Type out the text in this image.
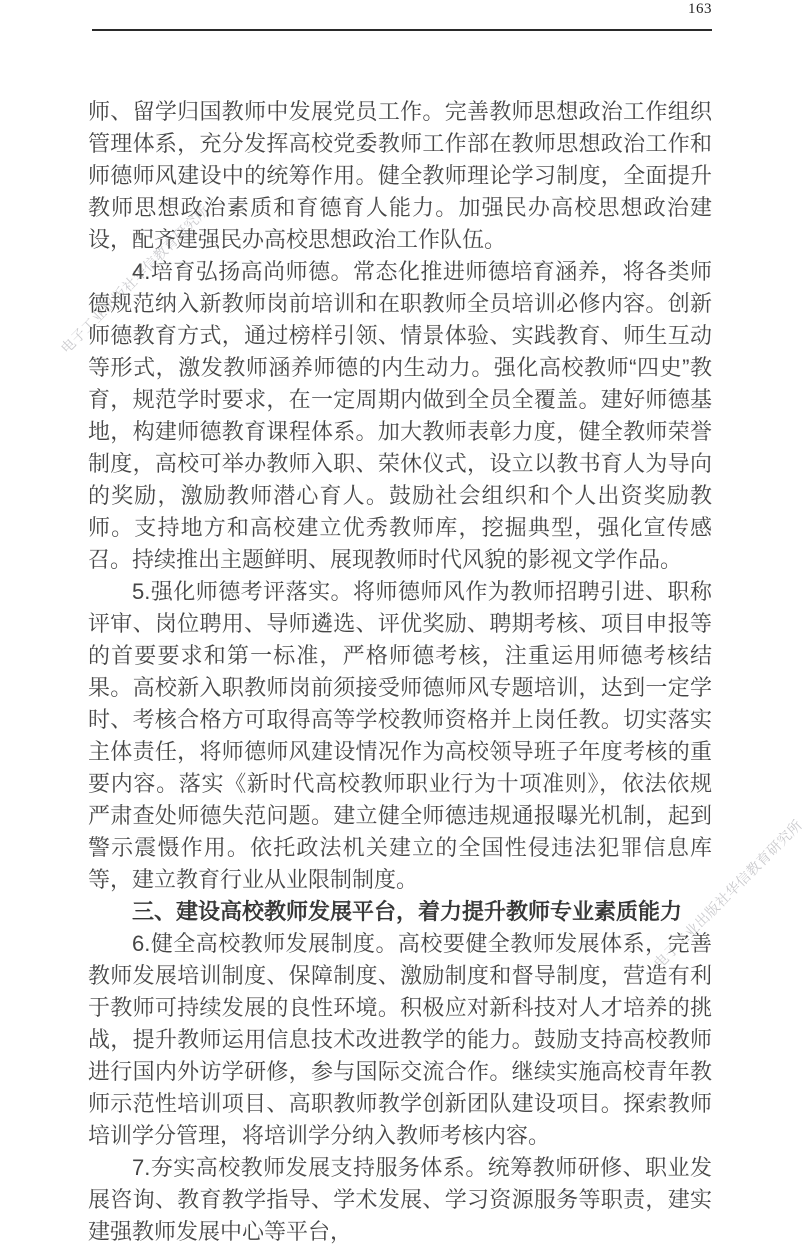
电子工业出版社华信教育研究所
电子工业出版社华信教育研究所
163

师、留学归国教师中发展党员工作。完善教师思想政治工作组织管理体系，充分发挥高校党委教师工作部在教师思想政治工作和师德师风建设中的统筹作用。健全教师理论学习制度，全面提升教师思想政治素质和育德育人能力。加强民办高校思想政治建设，配齐建强民办高校思想政治工作队伍。

4.培育弘扬高尚师德。常态化推进师德培育涵养，将各类师德规范纳入新教师岗前培训和在职教师全员培训必修内容。创新师德教育方式，通过榜样引领、情景体验、实践教育、师生互动等形式，激发教师涵养师德的内生动力。强化高校教师“四史”教育，规范学时要求，在一定周期内做到全员全覆盖。建好师德基地，构建师德教育课程体系。加大教师表彰力度，健全教师荣誉制度，高校可举办教师入职、荣休仪式，设立以教书育人为导向的奖励，激励教师潜心育人。鼓励社会组织和个人出资奖励教师。支持地方和高校建立优秀教师库，挖掘典型，强化宣传感召。持续推出主题鲜明、展现教师时代风貌的影视文学作品。

5.强化师德考评落实。将师德师风作为教师招聘引进、职称评审、岗位聘用、导师遴选、评优奖励、聘期考核、项目申报等的首要要求和第一标准，严格师德考核，注重运用师德考核结果。高校新入职教师岗前须接受师德师风专题培训，达到一定学时、考核合格方可取得高等学校教师资格并上岗任教。切实落实主体责任，将师德师风建设情况作为高校领导班子年度考核的重要内容。落实《新时代高校教师职业行为十项准则》，依法依规严肃查处师德失范问题。建立健全师德违规通报曝光机制，起到警示震慑作用。依托政法机关建立的全国性侵违法犯罪信息库等，建立教育行业从业限制制度。

三、建设高校教师发展平台，着力提升教师专业素质能力

6.健全高校教师发展制度。高校要健全教师发展体系，完善教师发展培训制度、保障制度、激励制度和督导制度，营造有利于教师可持续发展的良性环境。积极应对新科技对人才培养的挑战，提升教师运用信息技术改进教学的能力。鼓励支持高校教师进行国内外访学研修，参与国际交流合作。继续实施高校青年教师示范性培训项目、高职教师教学创新团队建设项目。探索教师培训学分管理，将培训学分纳入教师考核内容。

7.夯实高校教师发展支持服务体系。统筹教师研修、职业发展咨询、教育教学指导、学术发展、学习资源服务等职责，建实建强教师发展中心等平台，
